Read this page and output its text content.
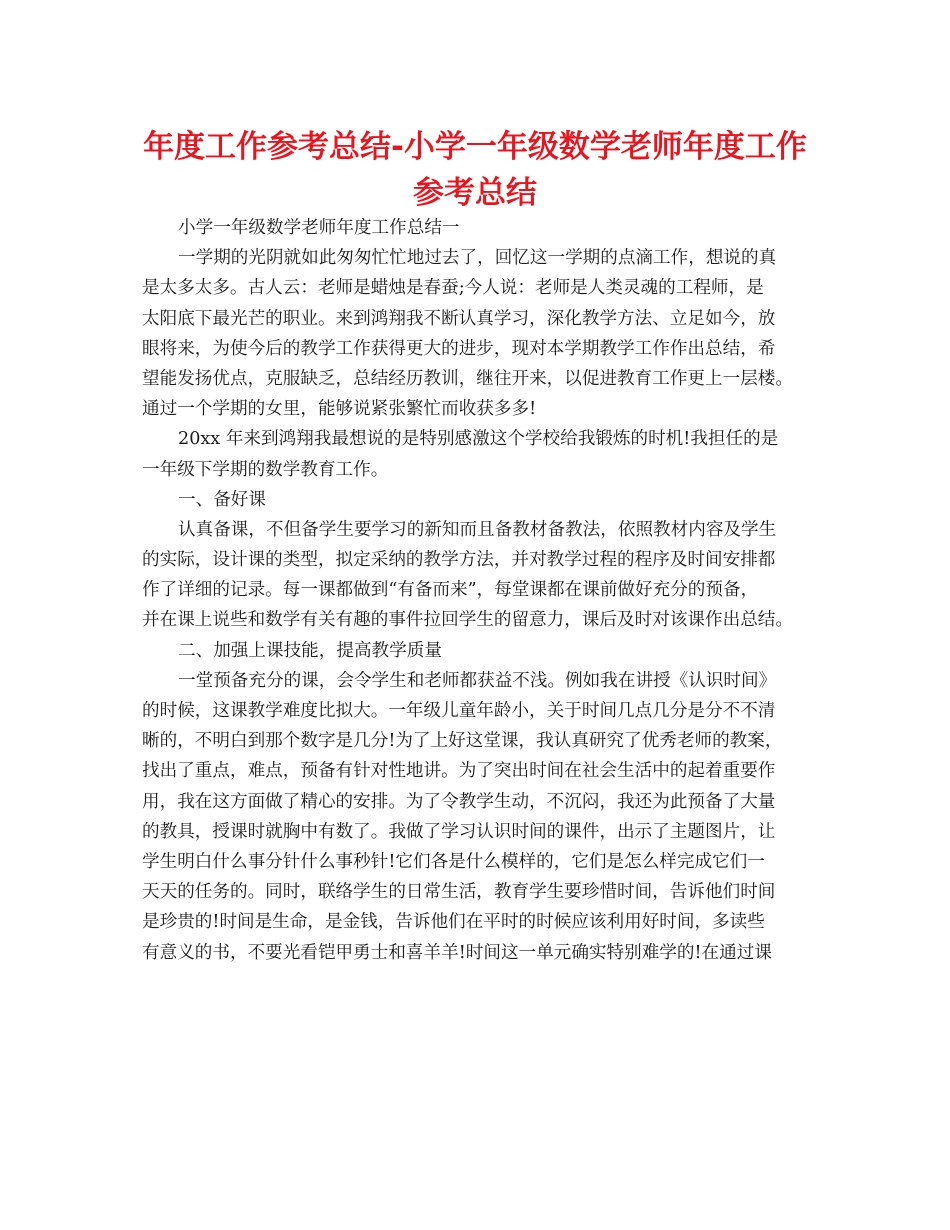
年度工作参考总结-小学一年级数学老师年度工作
参考总结
小学一年级数学老师年度工作总结一
一学期的光阴就如此匆匆忙忙地过去了，回忆这一学期的点滴工作，想说的真
是太多太多。古人云：老师是蜡烛是春蚕;今人说：老师是人类灵魂的工程师，是
太阳底下最光芒的职业。来到鸿翔我不断认真学习，深化教学方法、立足如今，放
眼将来，为使今后的教学工作获得更大的进步，现对本学期教学工作作出总结，希
望能发扬优点，克服缺乏，总结经历教训，继往开来，以促进教育工作更上一层楼。
通过一个学期的女里，能够说紧张繁忙而收获多多!
20xx 年来到鸿翔我最想说的是特别感激这个学校给我锻炼的时机!我担任的是
一年级下学期的数学教育工作。
一、备好课
认真备课，不但备学生要学习的新知而且备教材备教法，依照教材内容及学生
的实际，设计课的类型，拟定采纳的教学方法，并对教学过程的程序及时间安排都
作了详细的记录。每一课都做到“有备而来”，每堂课都在课前做好充分的预备，
并在课上说些和数学有关有趣的事件拉回学生的留意力，课后及时对该课作出总结。
二、加强上课技能，提高教学质量
一堂预备充分的课，会令学生和老师都获益不浅。例如我在讲授《认识时间》
的时候，这课教学难度比拟大。一年级儿童年龄小，关于时间几点几分是分不不清
晰的，不明白到那个数字是几分!为了上好这堂课，我认真研究了优秀老师的教案，
找出了重点，难点，预备有针对性地讲。为了突出时间在社会生活中的起着重要作
用，我在这方面做了精心的安排。为了令教学生动，不沉闷，我还为此预备了大量
的教具，授课时就胸中有数了。我做了学习认识时间的课件，出示了主题图片，让
学生明白什么事分针什么事秒针!它们各是什么模样的，它们是怎么样完成它们一
天天的任务的。同时，联络学生的日常生活，教育学生要珍惜时间，告诉他们时间
是珍贵的!时间是生命，是金钱，告诉他们在平时的时候应该利用好时间，多读些
有意义的书，不要光看铠甲勇士和喜羊羊!时间这一单元确实特别难学的!在通过课
